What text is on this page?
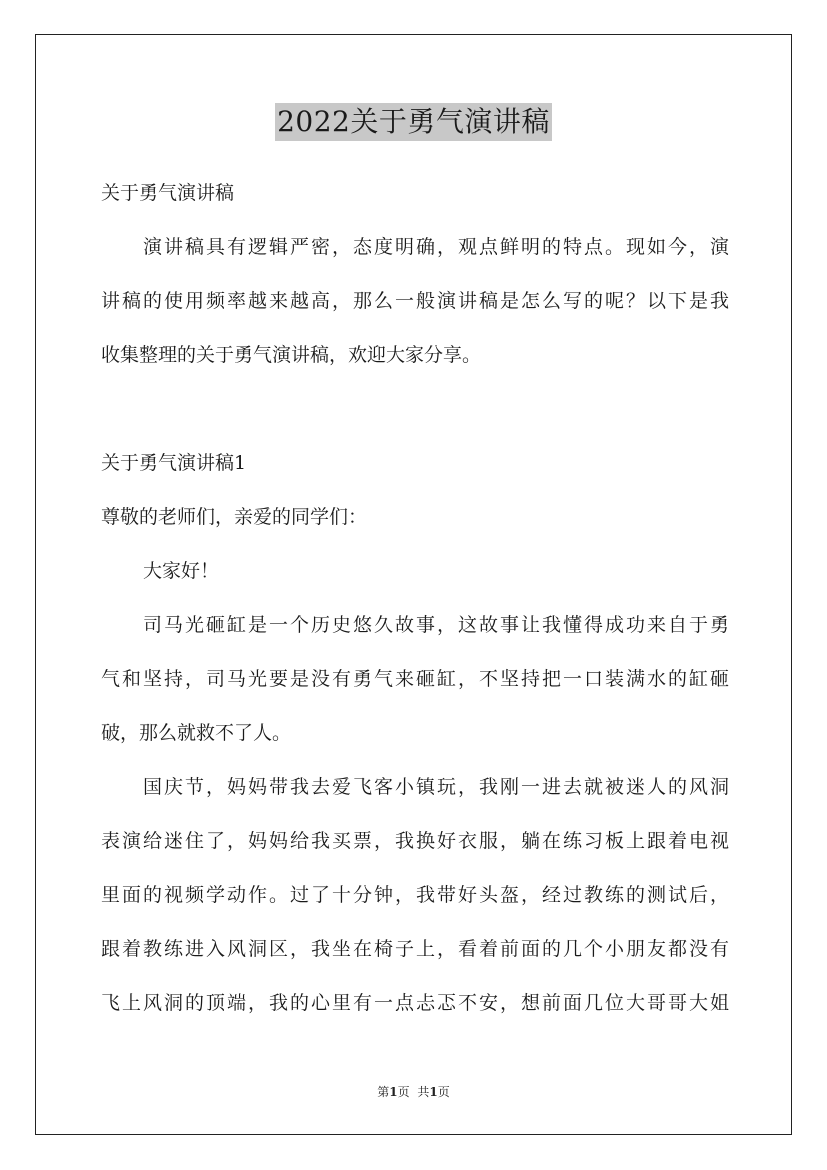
2022关于勇气演讲稿
关于勇气演讲稿
演讲稿具有逻辑严密，态度明确，观点鲜明的特点。现如今，演
讲稿的使用频率越来越高，那么一般演讲稿是怎么写的呢？以下是我
收集整理的关于勇气演讲稿，欢迎大家分享。
关于勇气演讲稿1
尊敬的老师们，亲爱的同学们：
大家好！
司马光砸缸是一个历史悠久故事，这故事让我懂得成功来自于勇
气和坚持，司马光要是没有勇气来砸缸，不坚持把一口装满水的缸砸
破，那么就救不了人。
国庆节，妈妈带我去爱飞客小镇玩，我刚一进去就被迷人的风洞
表演给迷住了，妈妈给我买票，我换好衣服，躺在练习板上跟着电视
里面的视频学动作。过了十分钟，我带好头盔，经过教练的测试后，
跟着教练进入风洞区，我坐在椅子上，看着前面的几个小朋友都没有
飞上风洞的顶端，我的心里有一点忐忑不安，想前面几位大哥哥大姐
第1页 共1页
